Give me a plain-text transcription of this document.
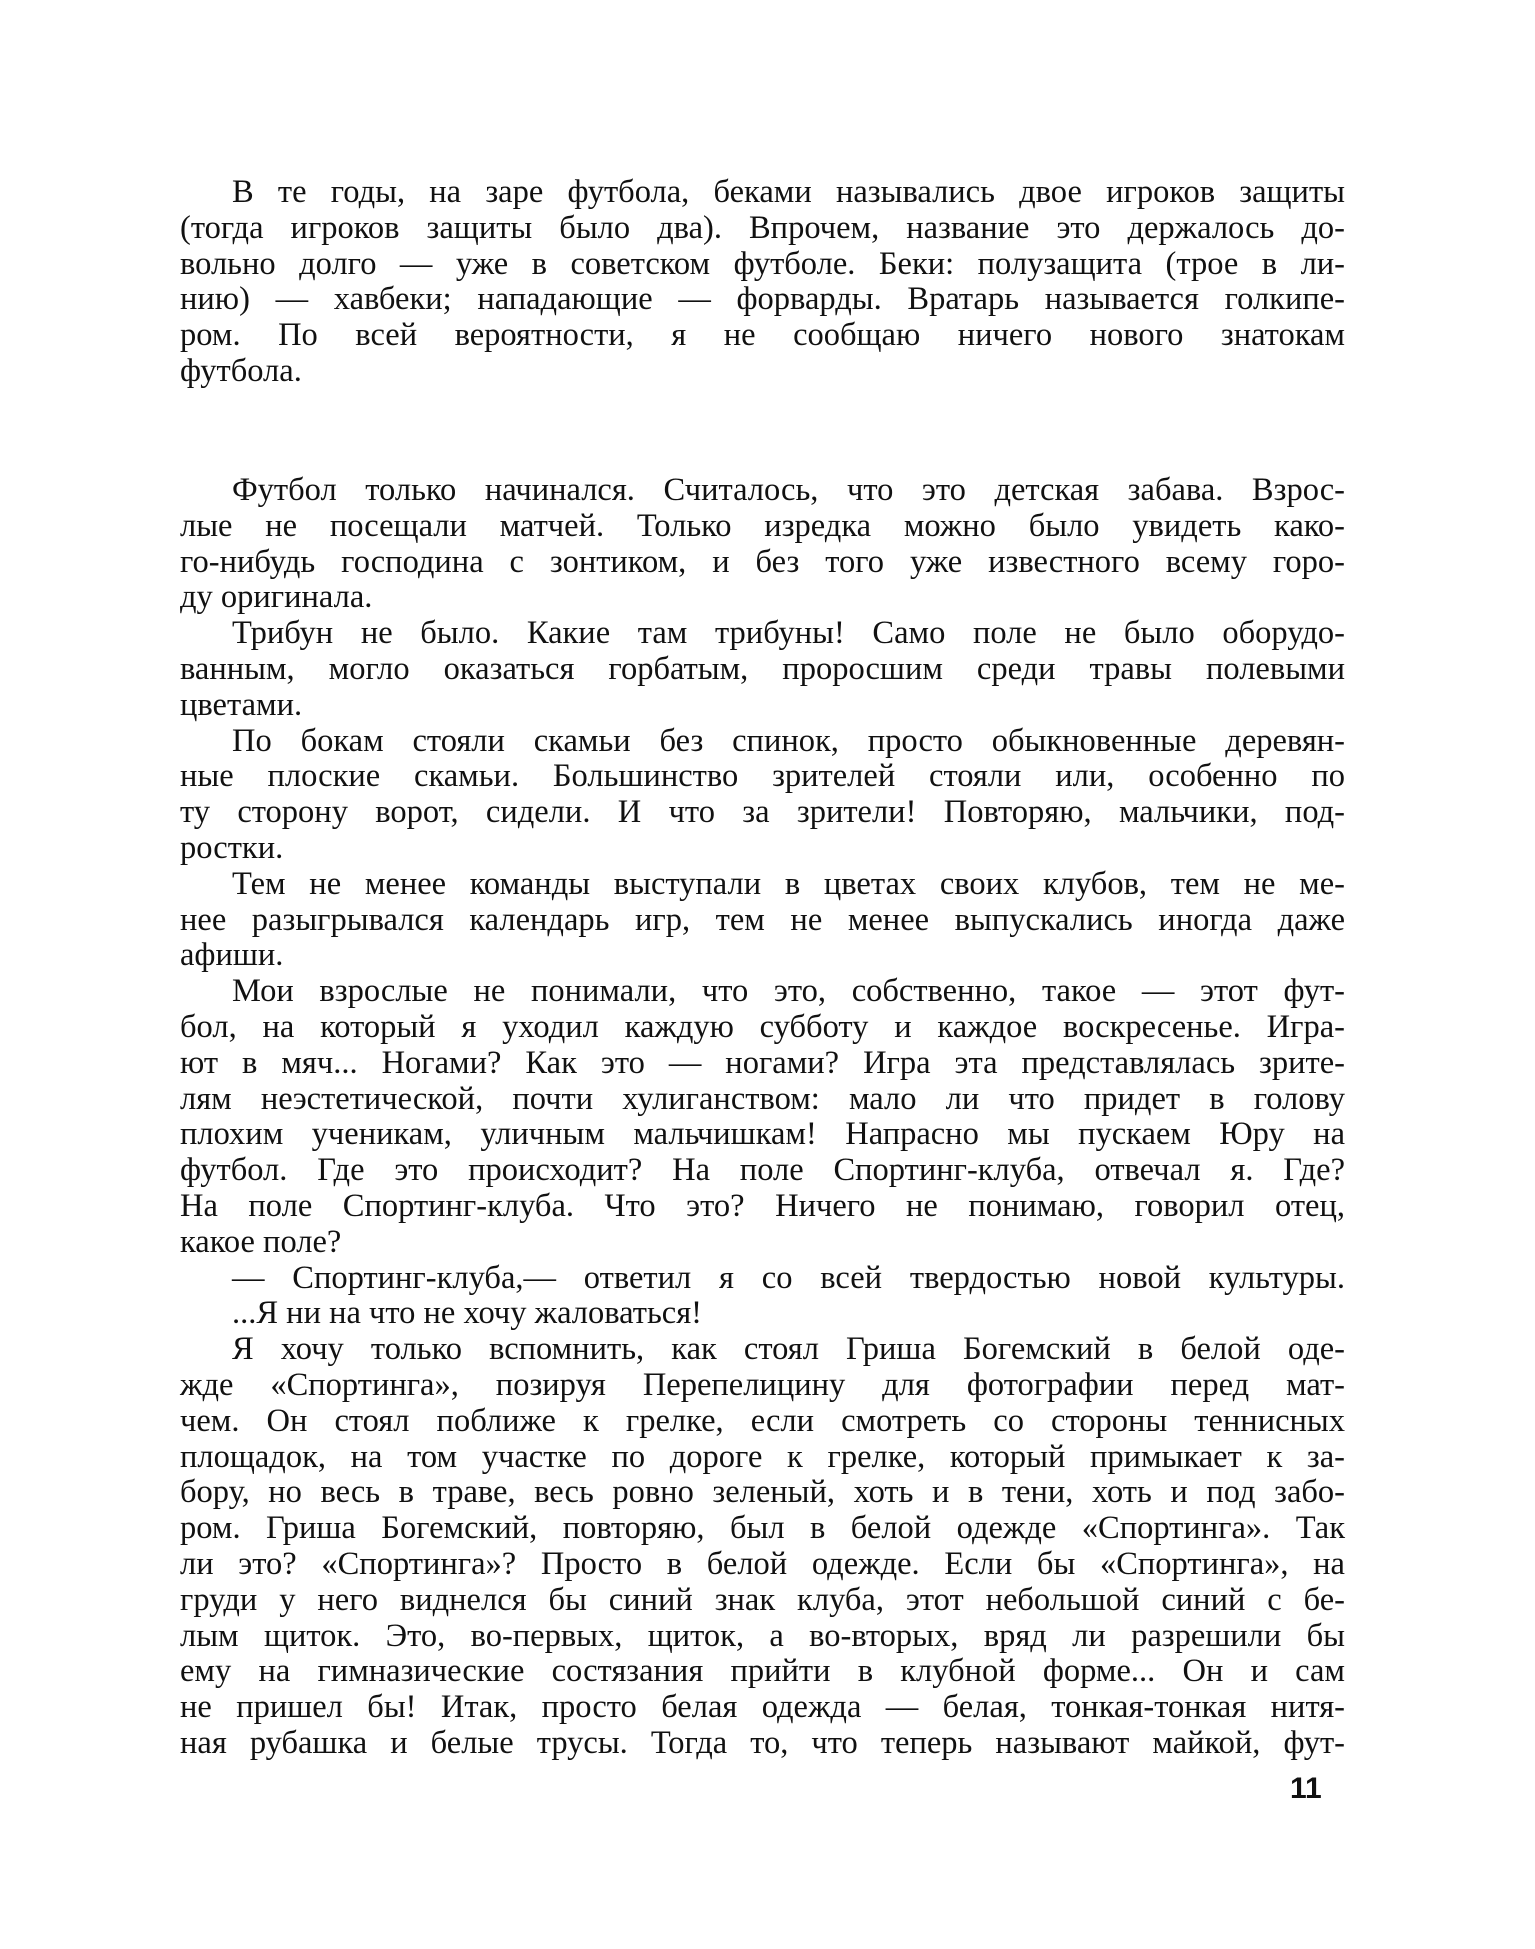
В те годы, на заре футбола, беками назывались двое игроков защиты
(тогда игроков защиты было два). Впрочем, название это держалось до-
вольно долго — уже в советском футболе. Беки: полузащита (трое в ли-
нию) — хавбеки; нападающие — форварды. Вратарь называется голкипе-
ром. По всей вероятности, я не сообщаю ничего нового знатокам
футбола.
Футбол только начинался. Считалось, что это детская забава. Взрос-
лые не посещали матчей. Только изредка можно было увидеть како-
го-нибудь господина с зонтиком, и без того уже известного всему горо-
ду оригинала.
Трибун не было. Какие там трибуны! Само поле не было оборудо-
ванным, могло оказаться горбатым, проросшим среди травы полевыми
цветами.
По бокам стояли скамьи без спинок, просто обыкновенные деревян-
ные плоские скамьи. Большинство зрителей стояли или, особенно по
ту сторону ворот, сидели. И что за зрители! Повторяю, мальчики, под-
ростки.
Тем не менее команды выступали в цветах своих клубов, тем не ме-
нее разыгрывался календарь игр, тем не менее выпускались иногда даже
афиши.
Мои взрослые не понимали, что это, собственно, такое — этот фут-
бол, на который я уходил каждую субботу и каждое воскресенье. Игра-
ют в мяч... Ногами? Как это — ногами? Игра эта представлялась зрите-
лям неэстетической, почти хулиганством: мало ли что придет в голову
плохим ученикам, уличным мальчишкам! Напрасно мы пускаем Юру на
футбол. Где это происходит? На поле Спортинг-клуба, отвечал я. Где?
На поле Спортинг-клуба. Что это? Ничего не понимаю, говорил отец,
какое поле?
— Спортинг-клуба,— ответил я со всей твердостью новой культуры.
...Я ни на что не хочу жаловаться!
Я хочу только вспомнить, как стоял Гриша Богемский в белой оде-
жде «Спортинга», позируя Перепелицину для фотографии перед мат-
чем. Он стоял поближе к грелке, если смотреть со стороны теннисных
площадок, на том участке по дороге к грелке, который примыкает к за-
бору, но весь в траве, весь ровно зеленый, хоть и в тени, хоть и под забо-
ром. Гриша Богемский, повторяю, был в белой одежде «Спортинга». Так
ли это? «Спортинга»? Просто в белой одежде. Если бы «Спортинга», на
груди у него виднелся бы синий знак клуба, этот небольшой синий с бе-
лым щиток. Это, во-первых, щиток, а во-вторых, вряд ли разрешили бы
ему на гимназические состязания прийти в клубной форме... Он и сам
не пришел бы! Итак, просто белая одежда — белая, тонкая-тонкая нитя-
ная рубашка и белые трусы. Тогда то, что теперь называют майкой, фут-
11
